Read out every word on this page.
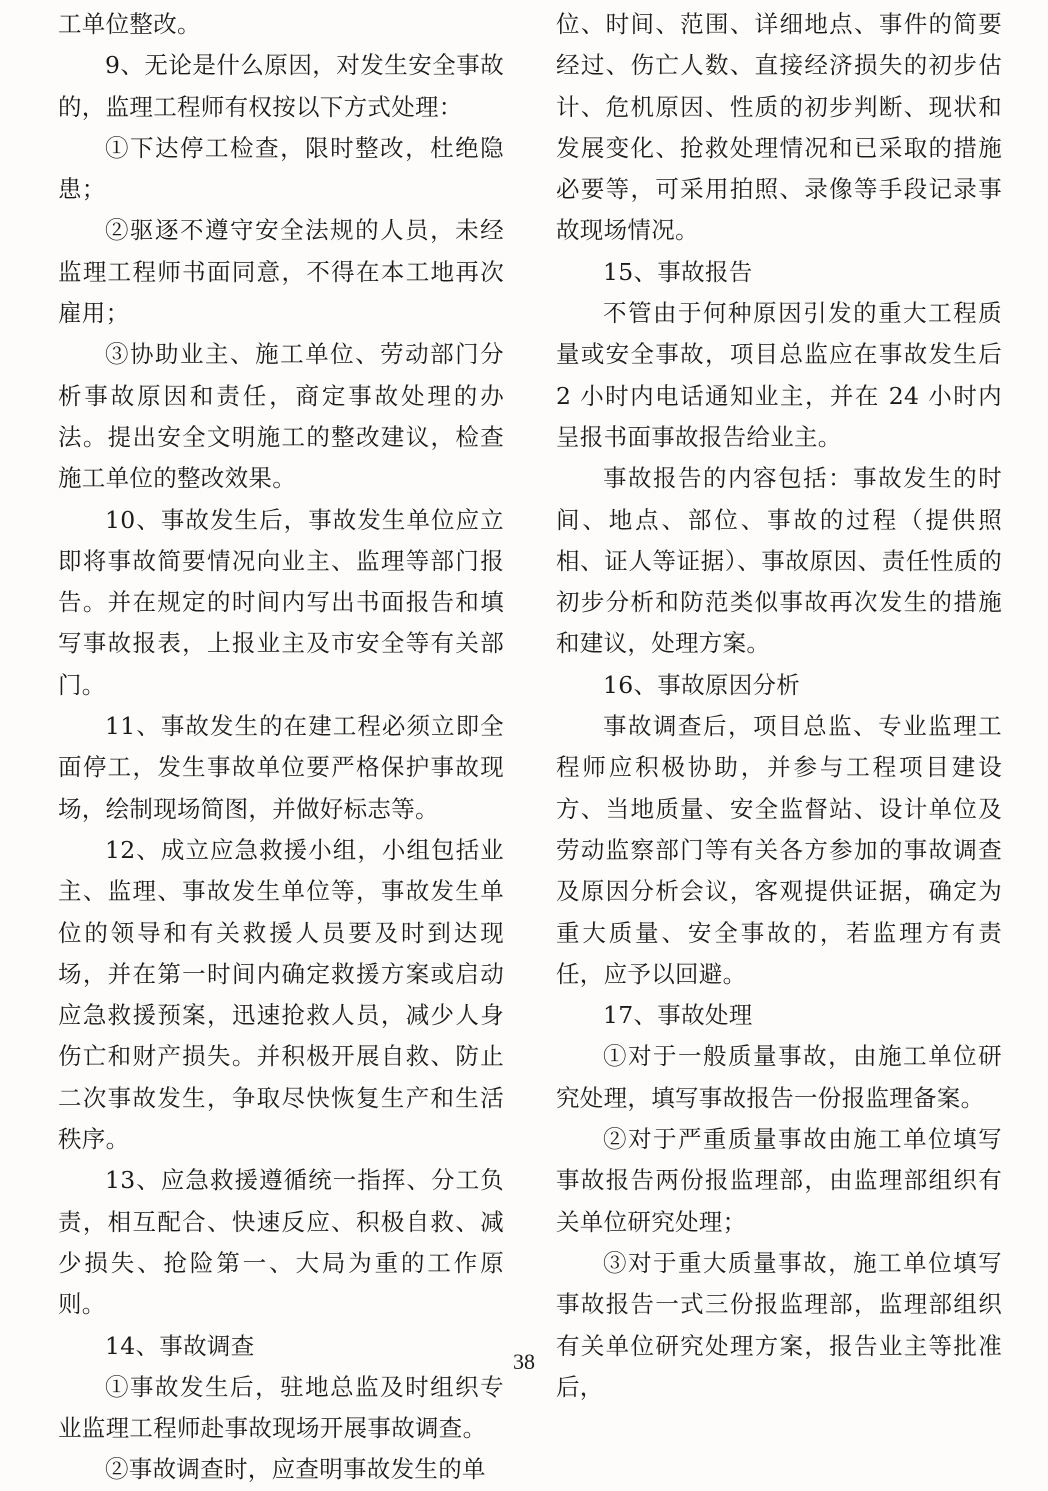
工单位整改。

9、无论是什么原因，对发生安全事故的，监理工程师有权按以下方式处理：

①下达停工检查，限时整改，杜绝隐患；

②驱逐不遵守安全法规的人员，未经监理工程师书面同意，不得在本工地再次雇用；

③协助业主、施工单位、劳动部门分析事故原因和责任，商定事故处理的办法。提出安全文明施工的整改建议，检查施工单位的整改效果。

10、事故发生后，事故发生单位应立即将事故简要情况向业主、监理等部门报告。并在规定的时间内写出书面报告和填写事故报表，上报业主及市安全等有关部门。

11、事故发生的在建工程必须立即全面停工，发生事故单位要严格保护事故现场，绘制现场简图，并做好标志等。

12、成立应急救援小组，小组包括业主、监理、事故发生单位等，事故发生单位的领导和有关救援人员要及时到达现场，并在第一时间内确定救援方案或启动应急救援预案，迅速抢救人员，减少人身伤亡和财产损失。并积极开展自救、防止二次事故发生，争取尽快恢复生产和生活秩序。

13、应急救援遵循统一指挥、分工负责，相互配合、快速反应、积极自救、减少损失、抢险第一、大局为重的工作原则。

14、事故调查

①事故发生后，驻地总监及时组织专业监理工程师赴事故现场开展事故调查。

②事故调查时，应查明事故发生的单

位、时间、范围、详细地点、事件的简要经过、伤亡人数、直接经济损失的初步估计、危机原因、性质的初步判断、现状和发展变化、抢救处理情况和已采取的措施必要等，可采用拍照、录像等手段记录事故现场情况。

15、事故报告

不管由于何种原因引发的重大工程质量或安全事故，项目总监应在事故发生后 2 小时内电话通知业主，并在 24 小时内呈报书面事故报告给业主。

事故报告的内容包括：事故发生的时间、地点、部位、事故的过程（提供照相、证人等证据）、事故原因、责任性质的初步分析和防范类似事故再次发生的措施和建议，处理方案。

16、事故原因分析

事故调查后，项目总监、专业监理工程师应积极协助，并参与工程项目建设方、当地质量、安全监督站、设计单位及劳动监察部门等有关各方参加的事故调查及原因分析会议，客观提供证据，确定为重大质量、安全事故的，若监理方有责任，应予以回避。

17、事故处理

①对于一般质量事故，由施工单位研究处理，填写事故报告一份报监理备案。

②对于严重质量事故由施工单位填写事故报告两份报监理部，由监理部组织有关单位研究处理；

③对于重大质量事故，施工单位填写事故报告一式三份报监理部，监理部组织有关单位研究处理方案，报告业主等批准后，

38
